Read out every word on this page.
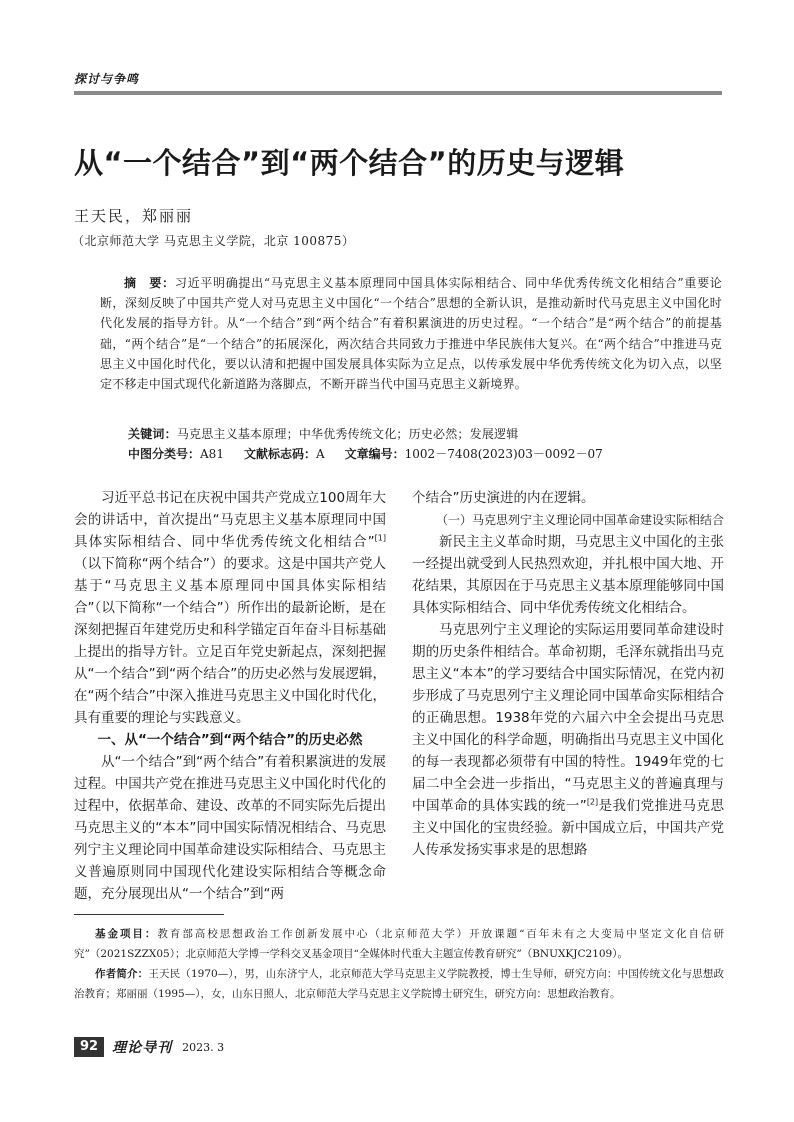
探讨与争鸣
从“一个结合”到“两个结合”的历史与逻辑
王天民，郑丽丽
（北京师范大学 马克思主义学院，北京 100875）

摘　要：习近平明确提出“马克思主义基本原理同中国具体实际相结合、同中华优秀传统文化相结合”重要论断，深刻反映了中国共产党人对马克思主义中国化“一个结合”思想的全新认识，是推动新时代马克思主义中国化时代化发展的指导方针。从“一个结合”到“两个结合”有着积累演进的历史过程。“一个结合”是“两个结合”的前提基础，“两个结合”是“一个结合”的拓展深化，两次结合共同致力于推进中华民族伟大复兴。在“两个结合”中推进马克思主义中国化时代化，要以认清和把握中国发展具体实际为立足点，以传承发展中华优秀传统文化为切入点，以坚定不移走中国式现代化新道路为落脚点，不断开辟当代中国马克思主义新境界。

关键词：马克思主义基本原理；中华优秀传统文化；历史必然；发展逻辑
中图分类号：A81 文献标志码：A 文章编号：1002－7408(2023)03－0092－07

习近平总书记在庆祝中国共产党成立100周年大会的讲话中，首次提出“马克思主义基本原理同中国具体实际相结合、同中华优秀传统文化相结合”[1]（以下简称“两个结合”）的要求。这是中国共产党人基于“马克思主义基本原理同中国具体实际相结合”（以下简称“一个结合”）所作出的最新论断，是在深刻把握百年建党历史和科学锚定百年奋斗目标基础上提出的指导方针。立足百年党史新起点，深刻把握从“一个结合”到“两个结合”的历史必然与发展逻辑，在“两个结合”中深入推进马克思主义中国化时代化，具有重要的理论与实践意义。

一、从“一个结合”到“两个结合”的历史必然

从“一个结合”到“两个结合”有着积累演进的发展过程。中国共产党在推进马克思主义中国化时代化的过程中，依据革命、建设、改革的不同实际先后提出马克思主义的“本本”同中国实际情况相结合、马克思列宁主义理论同中国革命建设实际相结合、马克思主义普遍原则同中国现代化建设实际相结合等概念命题，充分展现出从“一个结合”到“两

个结合”历史演进的内在逻辑。

（一）马克思列宁主义理论同中国革命建设实际相结合

新民主主义革命时期，马克思主义中国化的主张一经提出就受到人民热烈欢迎，并扎根中国大地、开花结果，其原因在于马克思主义基本原理能够同中国具体实际相结合、同中华优秀传统文化相结合。

马克思列宁主义理论的实际运用要同革命建设时期的历史条件相结合。革命初期，毛泽东就指出马克思主义“本本”的学习要结合中国实际情况，在党内初步形成了马克思列宁主义理论同中国革命实际相结合的正确思想。1938年党的六届六中全会提出马克思主义中国化的科学命题，明确指出马克思主义中国化的每一表现都必须带有中国的特性。1949年党的七届二中全会进一步指出，“马克思主义的普遍真理与中国革命的具体实践的统一”[2]是我们党推进马克思主义中国化的宝贵经验。新中国成立后，中国共产党人传承发扬实事求是的思想路

基金项目：教育部高校思想政治工作创新发展中心（北京师范大学）开放课题“百年未有之大变局中坚定文化自信研究”（2021SZZX05）；北京师范大学博一学科交叉基金项目“全媒体时代重大主题宣传教育研究”（BNUXKJC2109）。

作者简介：王天民（1970—），男，山东济宁人，北京师范大学马克思主义学院教授，博士生导师，研究方向：中国传统文化与思想政治教育；郑丽丽（1995—），女，山东日照人，北京师范大学马克思主义学院博士研究生，研究方向：思想政治教育。

92	理论导刊 2023. 3
